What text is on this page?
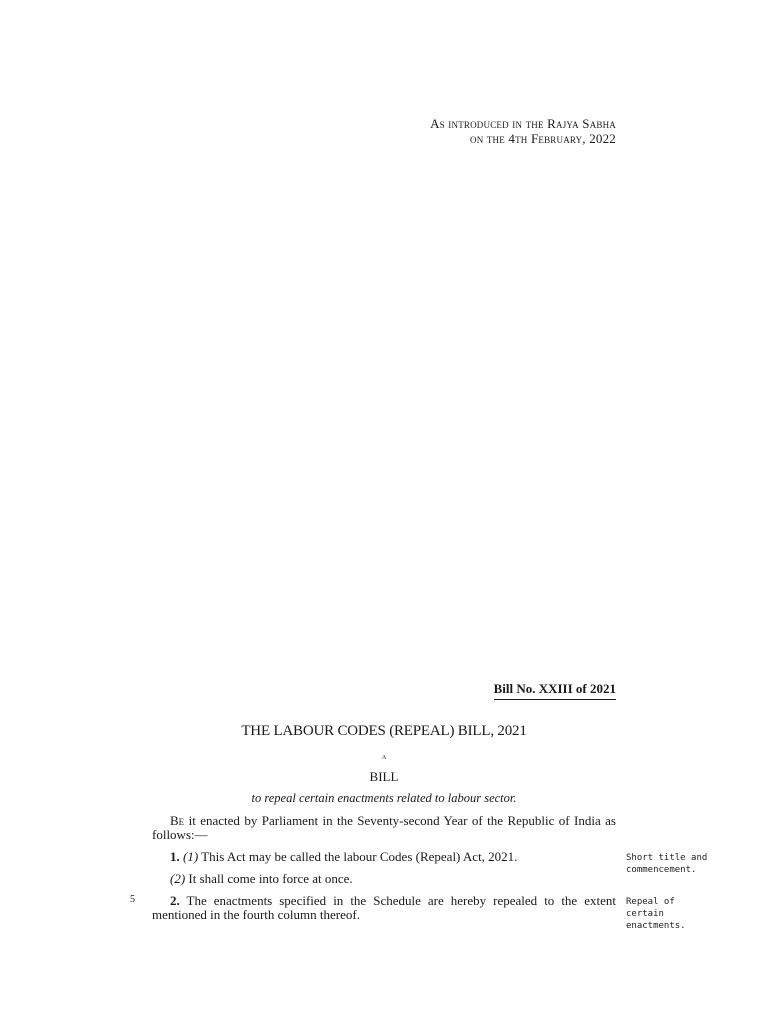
As introduced in the Rajya Sabha
on the 4th February, 2022
Bill No. XXIII of 2021
THE LABOUR CODES (REPEAL) BILL, 2021
a
BILL
to repeal certain enactments related to labour sector.
Be it enacted by Parliament in the Seventy-second Year of the Republic of India as follows:—
1. (1) This Act may be called the labour Codes (Repeal) Act, 2021.
(2) It shall come into force at once.
Short title and commencement.
5	2. The enactments specified in the Schedule are hereby repealed to the extent mentioned in the fourth column thereof.
Repeal of certain enactments.
